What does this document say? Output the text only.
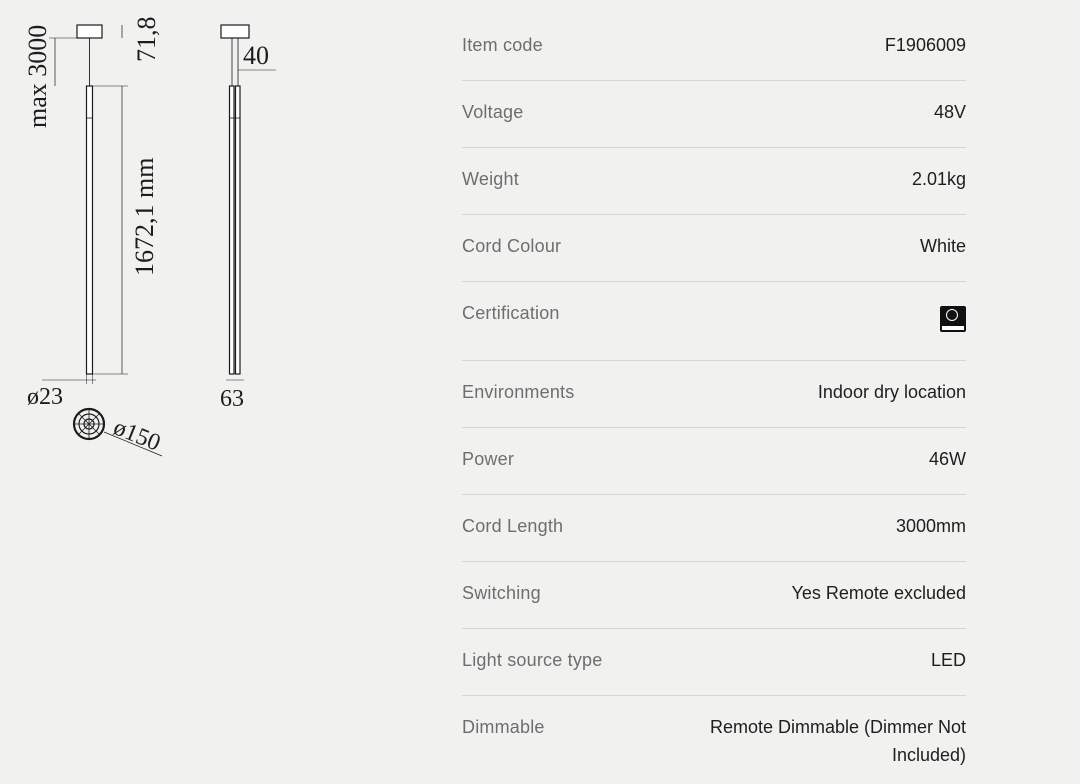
max 3000	71,8
1672,1 mm
ø23
ø150
40
63
Item code	F1906009
Voltage	48V
Weight	2.01kg
Cord Colour	White
Certification
Environments	Indoor dry location
Power	46W
Cord Length	3000mm
Switching	Yes Remote excluded
Light source type	LED
Dimmable	Remote Dimmable (Dimmer Not Included)
